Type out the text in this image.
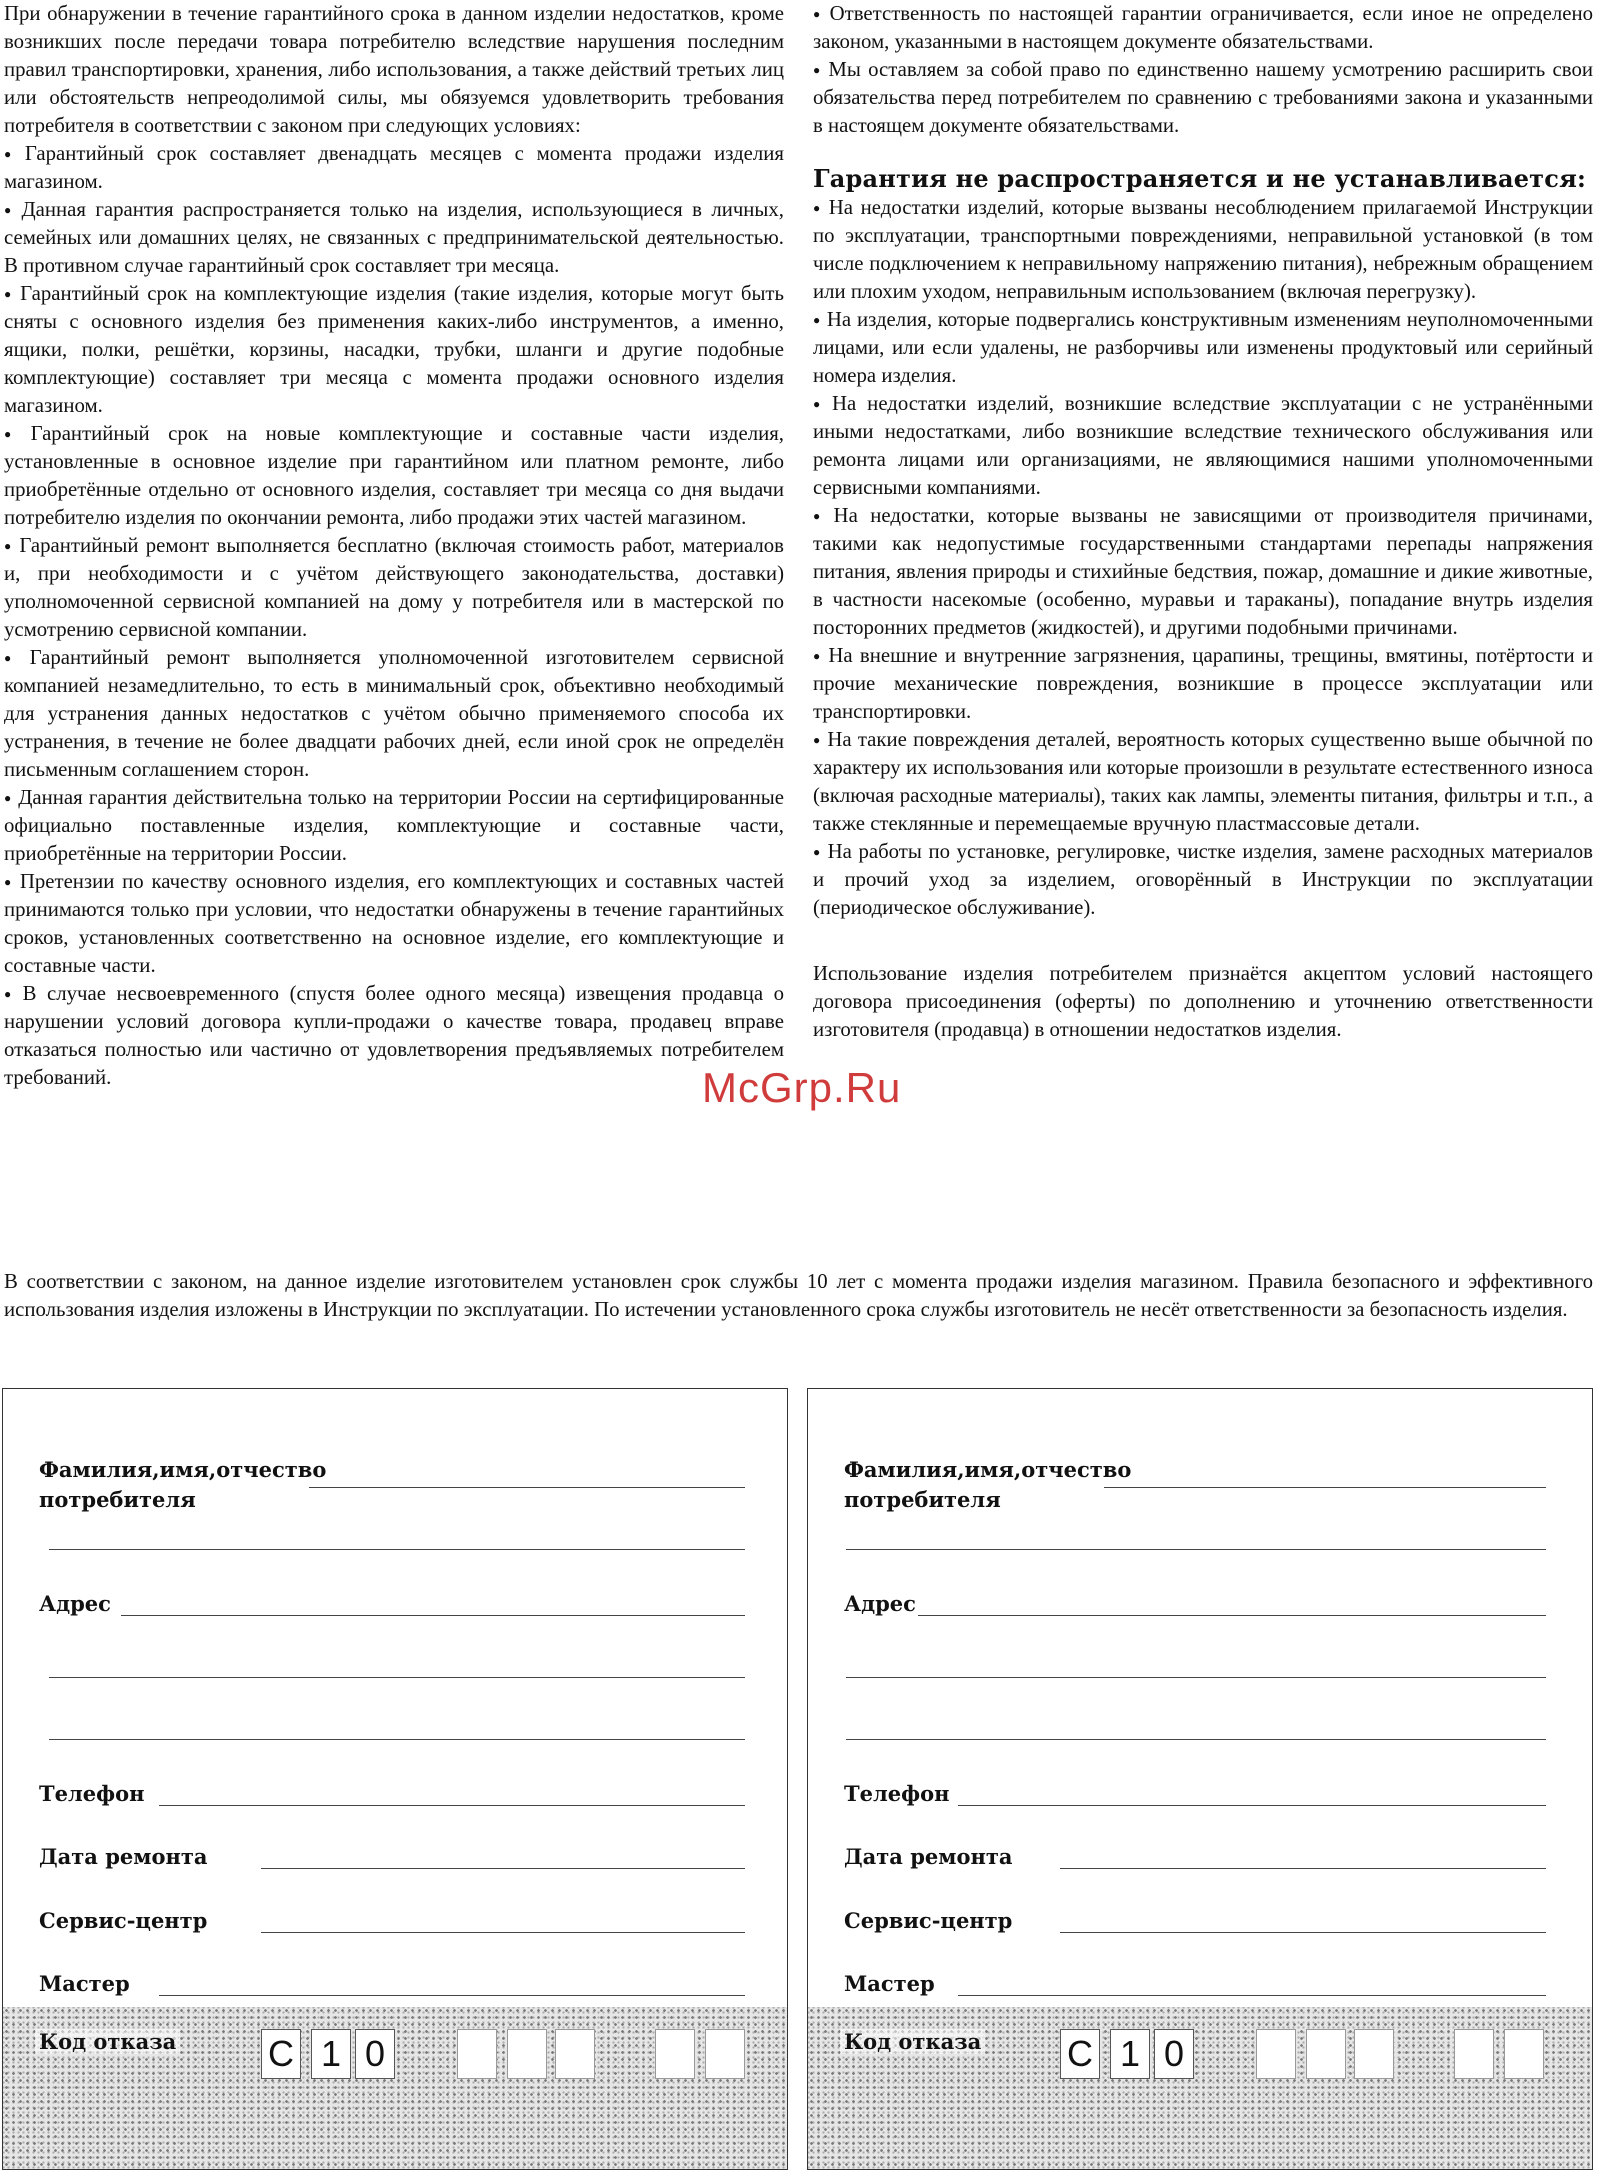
При обнаружении в течение гарантийного срока в данном изделии недостатков, кроме возникших после передачи товара потребителю вследствие нарушения последним правил транспортировки, хранения, либо использования, а также действий третьих лиц или обстоятельств непреодолимой силы, мы обязуемся удовлетворить требования потребителя в соответствии с законом при следующих условиях:

● Гарантийный срок составляет двенадцать месяцев с момента продажи изделия магазином.

● Данная гарантия распространяется только на изделия, использующиеся в личных, семейных или домашних целях, не связанных с предпринимательской деятельностью. В противном случае гарантийный срок составляет три месяца.

● Гарантийный срок на комплектующие изделия (такие изделия, которые могут быть сняты с основного изделия без применения каких-либо инструментов, а именно, ящики, полки, решётки, корзины, насадки, трубки, шланги и другие подобные комплектующие) составляет три месяца с момента продажи основного изделия магазином.

● Гарантийный срок на новые комплектующие и составные части изделия, установленные в основное изделие при гарантийном или платном ремонте, либо приобретённые отдельно от основного изделия, составляет три месяца со дня выдачи потребителю изделия по окончании ремонта, либо продажи этих частей магазином.

● Гарантийный ремонт выполняется бесплатно (включая стоимость работ, материалов и, при необходимости и с учётом действующего законодательства, доставки) уполномоченной сервисной компанией на дому у потребителя или в мастерской по усмотрению сервисной компании.

● Гарантийный ремонт выполняется уполномоченной изготовителем сервисной компанией незамедлительно, то есть в минимальный срок, объективно необходимый для устранения данных недостатков с учётом обычно применяемого способа их устранения, в течение не более двадцати рабочих дней, если иной срок не определён письменным соглашением сторон.

● Данная гарантия действительна только на территории России на сертифицированные официально поставленные изделия, комплектующие и составные части, приобретённые на территории России.

● Претензии по качеству основного изделия, его комплектующих и составных частей принимаются только при условии, что недостатки обнаружены в течение гарантийных сроков, установленных соответственно на основное изделие, его комплектующие и составные части.

● В случае несвоевременного (спустя более одного месяца) извещения продавца о нарушении условий договора купли-продажи о качестве товара, продавец вправе отказаться полностью или частично от удовлетворения предъявляемых потребителем требований.

● Ответственность по настоящей гарантии ограничивается, если иное не определено законом, указанными в настоящем документе обязательствами.

● Мы оставляем за собой право по единственно нашему усмотрению расширить свои обязательства перед потребителем по сравнению с требованиями закона и указанными в настоящем документе обязательствами.

Гарантия не распространяется и не устанавливается:

● На недостатки изделий, которые вызваны несоблюдением прилагаемой Инструкции по эксплуатации, транспортными повреждениями, неправильной установкой (в том числе подключением к неправильному напряжению питания), небрежным обращением или плохим уходом, неправильным использованием (включая перегрузку).

● На изделия, которые подвергались конструктивным изменениям неуполномоченными лицами, или если удалены, не разборчивы или изменены продуктовый или серийный номера изделия.

● На недостатки изделий, возникшие вследствие эксплуатации с не устранёнными иными недостатками, либо возникшие вследствие технического обслуживания или ремонта лицами или организациями, не являющимися нашими уполномоченными сервисными компаниями.

● На недостатки, которые вызваны не зависящими от производителя причинами, такими как недопустимые государственными стандартами перепады напряжения питания, явления природы и стихийные бедствия, пожар, домашние и дикие животные, в частности насекомые (особенно, муравьи и тараканы), попадание внутрь изделия посторонних предметов (жидкостей), и другими подобными причинами.

● На внешние и внутренние загрязнения, царапины, трещины, вмятины, потёртости и прочие механические повреждения, возникшие в процессе эксплуатации или транспортировки.

● На такие повреждения деталей, вероятность которых существенно выше обычной по характеру их использования или которые произошли в результате естественного износа (включая расходные материалы), таких как лампы, элементы питания, фильтры и т.п., а также стеклянные и перемещаемые вручную пластмассовые детали.

● На работы по установке, регулировке, чистке изделия, замене расходных материалов и прочий уход за изделием, оговорённый в Инструкции по эксплуатации (периодическое обслуживание).

Использование изделия потребителем признаётся акцептом условий настоящего договора присоединения (оферты) по дополнению и уточнению ответственности изготовителя (продавца) в отношении недостатков изделия.

McGrp.Ru

В соответствии с законом, на данное изделие изготовителем установлен срок службы 10 лет с момента продажи изделия магазином. Правила безопасного и эффективного использования изделия изложены в Инструкции по эксплуатации. По истечении установленного срока службы изготовитель не несёт ответственности за безопасность изделия.

Фамилия,имя,отчество
потребителя
Адрес
Телефон
Дата ремонта
Сервис-центр
Мастер
Код отказа	С 1 0
Фамилия,имя,отчество
потребителя
Адрес
Телефон
Дата ремонта
Сервис-центр
Мастер
Код отказа С 1 0
